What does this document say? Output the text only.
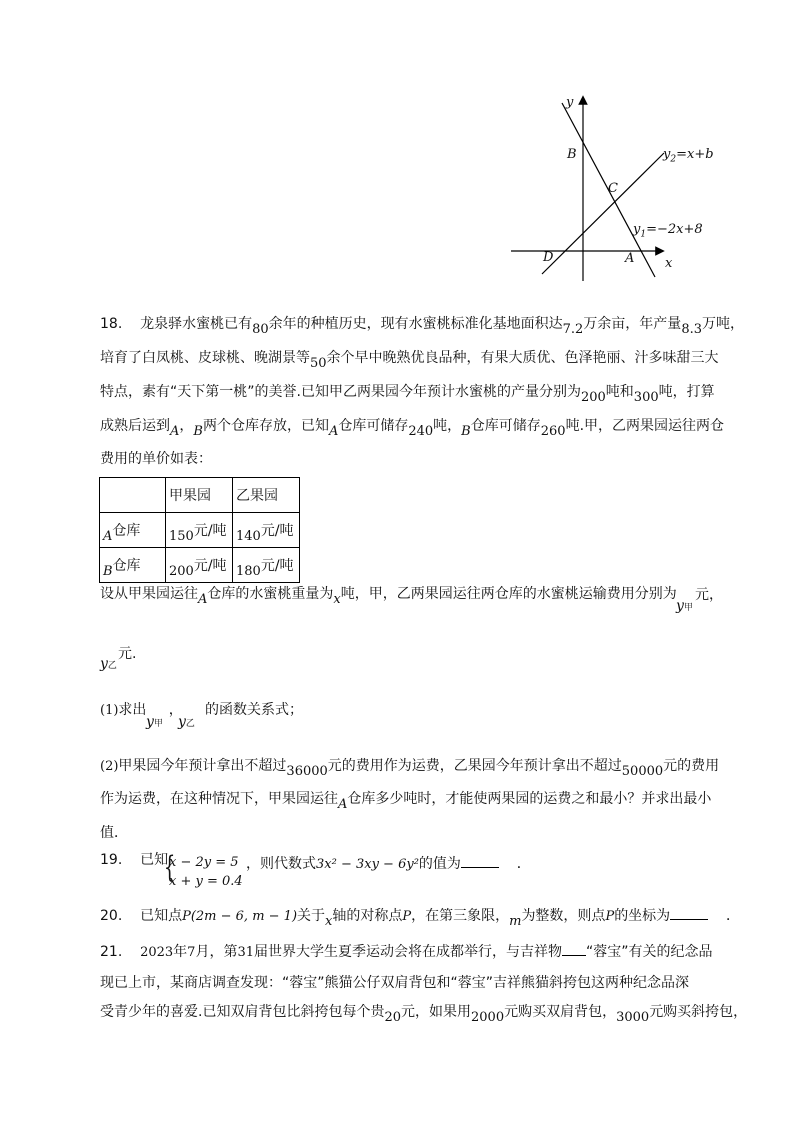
y
x
B
C
D	A
$y_2=x+b$
$y_1=-2x+8$
18. 龙泉驿水蜜桃已有80余年的种植历史，现有水蜜桃标准化基地面积达7.2万余亩，年产量8.3万吨，
培育了白凤桃、皮球桃、晚湖景等50余个早中晚熟优良品种，有果大质优、色泽艳丽、汁多味甜三大
特点，素有“天下第一桃”的美誉.已知甲乙两果园今年预计水蜜桃的产量分别为200吨和300吨，打算
成熟后运到A，B两个仓库存放，已知A仓库可储存240吨，B仓库可储存260吨.甲，乙两果园运往两仓
费用的单价如表：
	甲果园	乙果园
A仓库	150元/吨	140元/吨
B仓库	200元/吨	180元/吨
设从甲果园运往A仓库的水蜜桃重量为x吨，甲，乙两果园运往两仓库的水蜜桃运输费用分别为 元，
y甲
元.
y乙
(1)求出 ， 的函数关系式；
y甲 y乙
(2)甲果园今年预计拿出不超过36000元的费用作为运费，乙果园今年预计拿出不超过50000元的费用
作为运费，在这种情况下，甲果园运往A仓库多少吨时，才能使两果园的运费之和最小？并求出最小
值．
19. 已知
{
x − 2y = 5
x + y = 0.4
，则代数式3x² − 3xy − 6y²的值为	．
20. 已知点P(2m − 6, m − 1)关于x轴的对称点P，在第三象限，m为整数，则点P的坐标为	．
21. 2023年7月，第31届世界大学生夏季运动会将在成都举行，与吉祥物 “蓉宝”有关的纪念品
现已上市，某商店调查发现：“蓉宝”熊猫公仔双肩背包和“蓉宝”吉祥熊猫斜挎包这两种纪念品深
受青少年的喜爱.已知双肩背包比斜挎包每个贵20元，如果用2000元购买双肩背包，3000元购买斜挎包，
